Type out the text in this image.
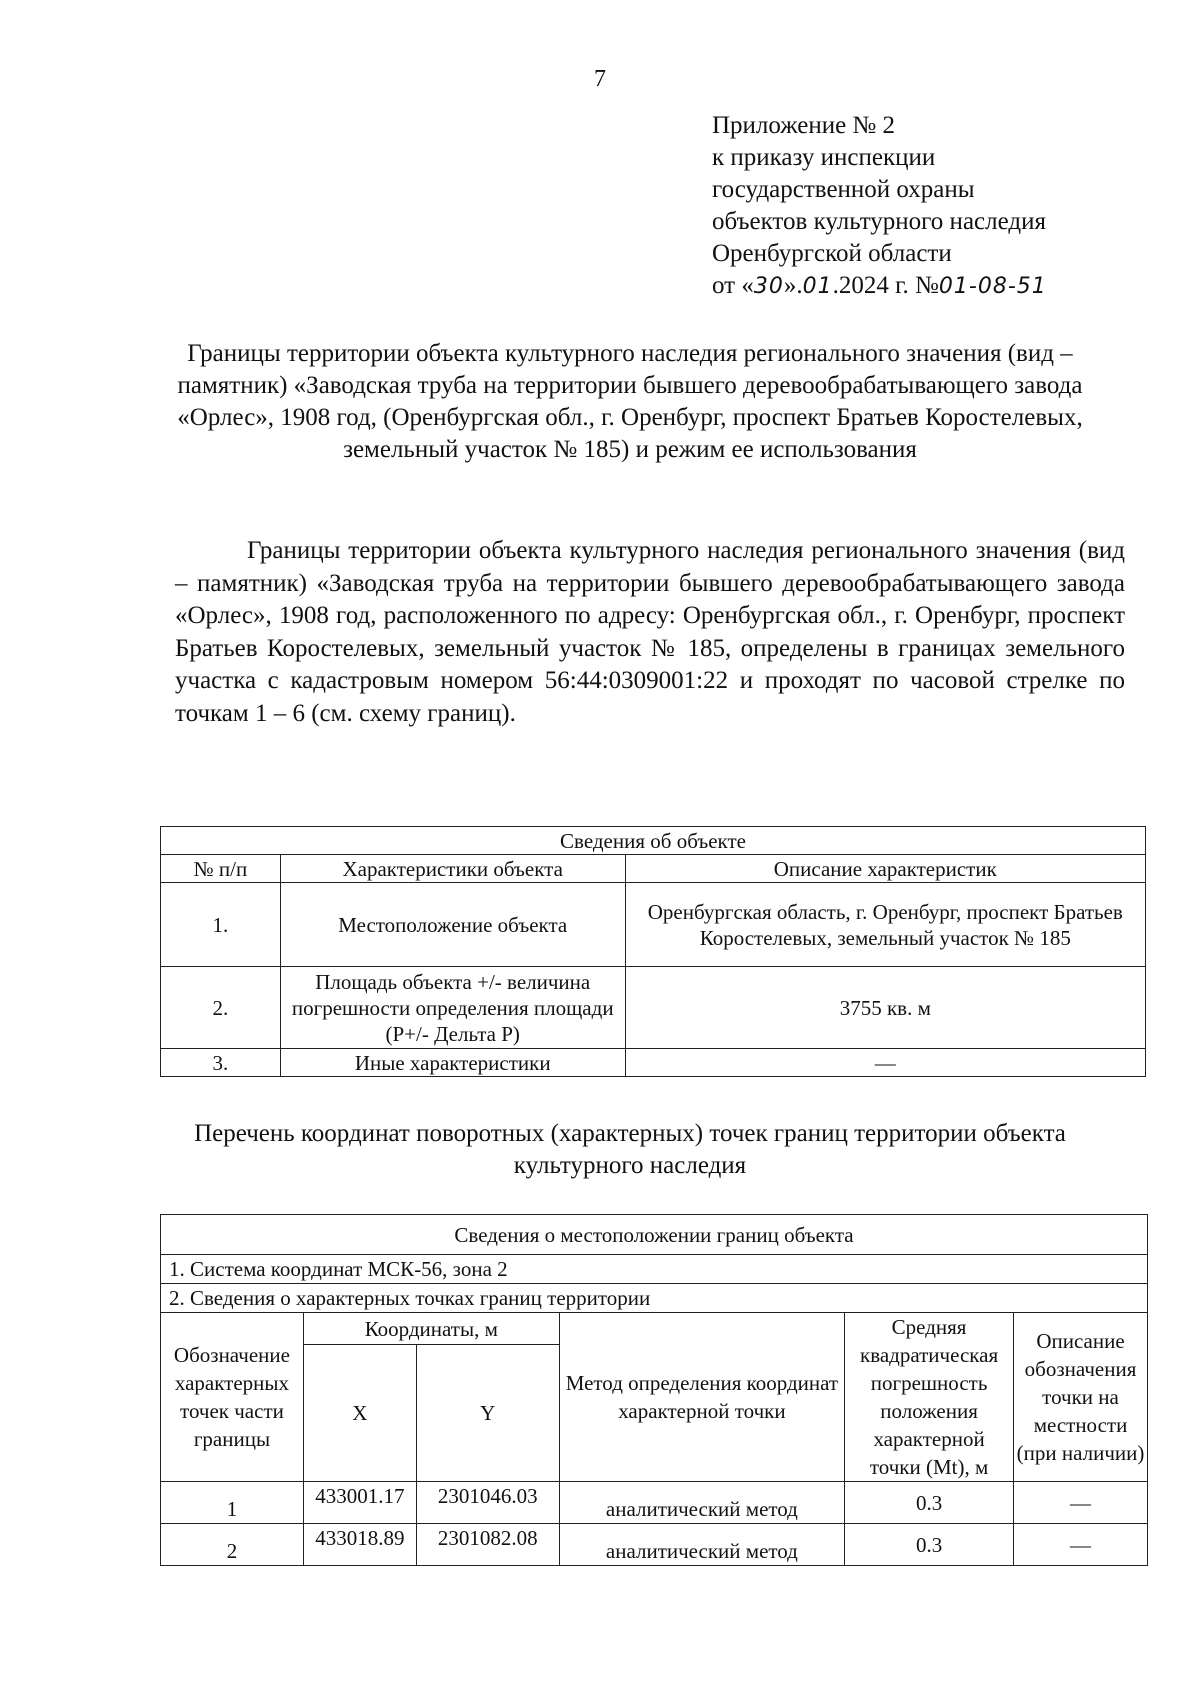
7
Приложение № 2
к приказу инспекции
государственной охраны
объектов культурного наследия
Оренбургской области
от «30».01.2024 г. №01-08-51
Границы территории объекта культурного наследия регионального значения (вид – памятник) «Заводская труба на территории бывшего деревообрабатывающего завода «Орлес», 1908 год, (Оренбургская обл., г. Оренбург, проспект Братьев Коростелевых, земельный участок № 185) и режим ее использования
Границы территории объекта культурного наследия регионального значения (вид – памятник) «Заводская труба на территории бывшего деревообрабатывающего завода «Орлес», 1908 год, расположенного по адресу: Оренбургская обл., г. Оренбург, проспект Братьев Коростелевых, земельный участок № 185, определены в границах земельного участка с кадастровым номером 56:44:0309001:22 и проходят по часовой стрелке по точкам 1 – 6 (см. схему границ).
Сведения об объекте		
№ п/п	Характеристики объекта	Описание характеристик
1.	Местоположение объекта	Оренбургская область, г. Оренбург, проспект Братьев Коростелевых, земельный участок № 185
2.	Площадь объекта +/- величина погрешности определения площади (P+/- Дельта P)	3755 кв. м
3.	Иные характеристики	—
Перечень координат поворотных (характерных) точек границ территории объекта культурного наследия
Сведения о местоположении границ объекта					
1. Система координат МСК-56, зона 2					
2. Сведения о характерных точках границ территории					
Обозначение характерных точек части границы	Координаты, м		Метод определения координат характерной точки	Средняя квадратическая погрешность положения характерной точки (Mt), м	Описание обозначения точки на местности (при наличии)
	X	Y			
1	433001.17	2301046.03	аналитический метод	0.3	—
2	433018.89	2301082.08	аналитический метод	0.3	—
